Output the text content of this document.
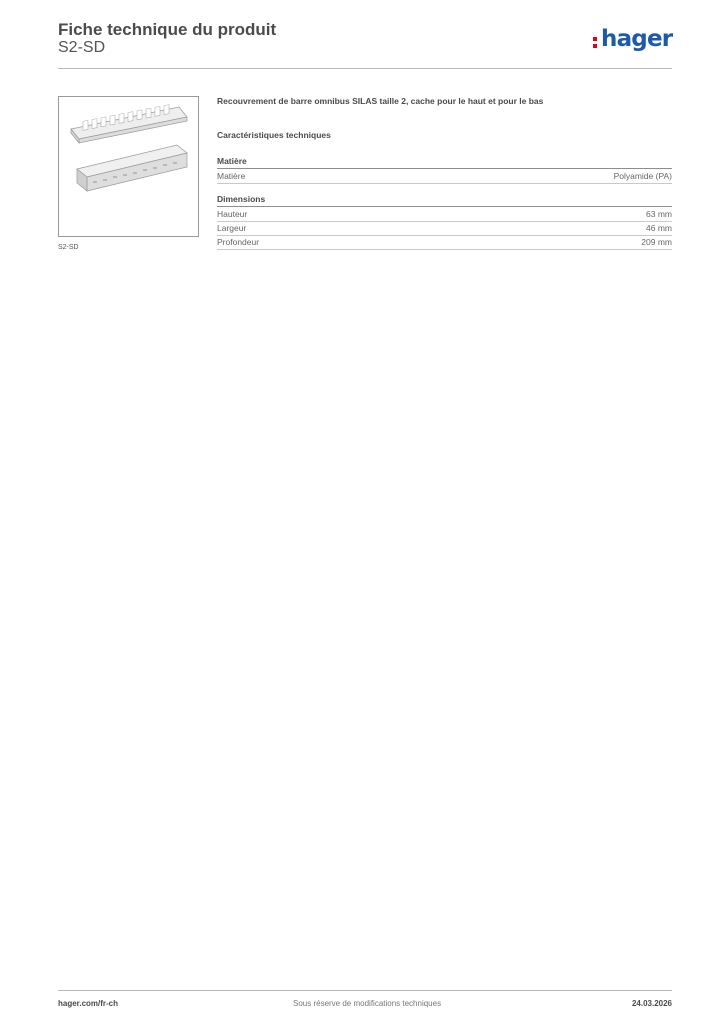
Fiche technique du produit
S2-SD	hager
S2-SD
Recouvrement de barre omnibus SILAS taille 2, cache pour le haut et pour le bas
Caractéristiques techniques
Matière
Matière	Polyamide (PA)
Dimensions
Hauteur	63 mm
Largeur	46 mm
Profondeur	209 mm
hager.com/fr-ch	Sous réserve de modifications techniques	24.03.2026
